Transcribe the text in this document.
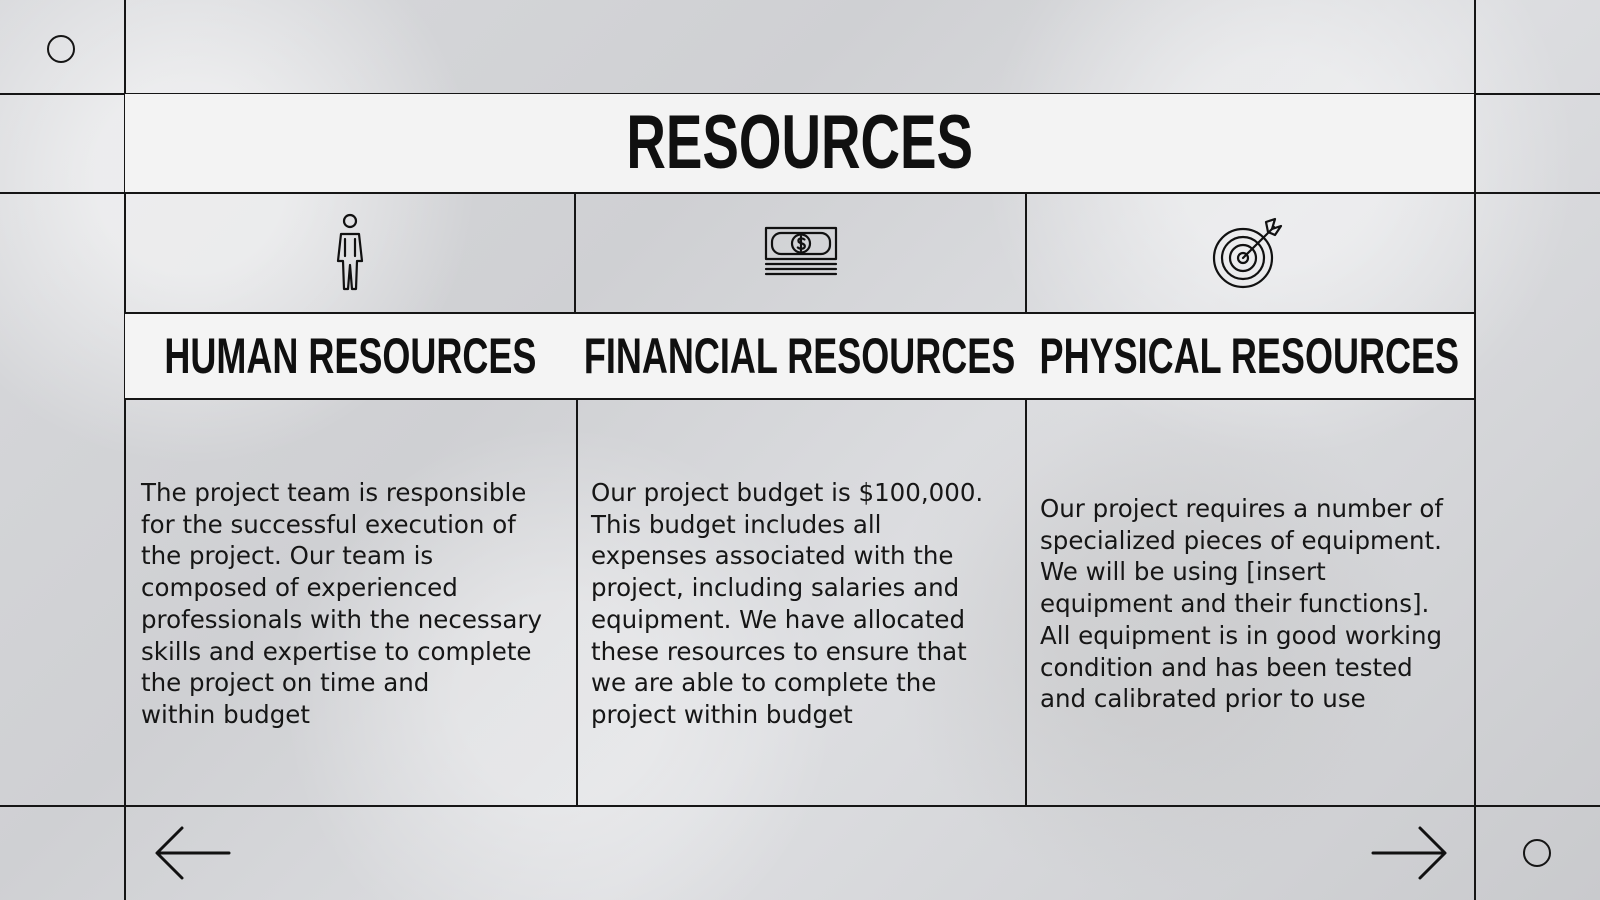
RESOURCES
HUMAN RESOURCES FINANCIAL RESOURCES PHYSICAL RESOURCES
The project team is responsible
for the successful execution of
the project. Our team is
composed of experienced
professionals with the necessary
skills and expertise to complete
the project on time and
within budget
Our project budget is $100,000.
This budget includes all
expenses associated with the
project, including salaries and
equipment. We have allocated
these resources to ensure that
we are able to complete the
project within budget
Our project requires a number of
specialized pieces of equipment.
We will be using [insert
equipment and their functions].
All equipment is in good working
condition and has been tested
and calibrated prior to use
